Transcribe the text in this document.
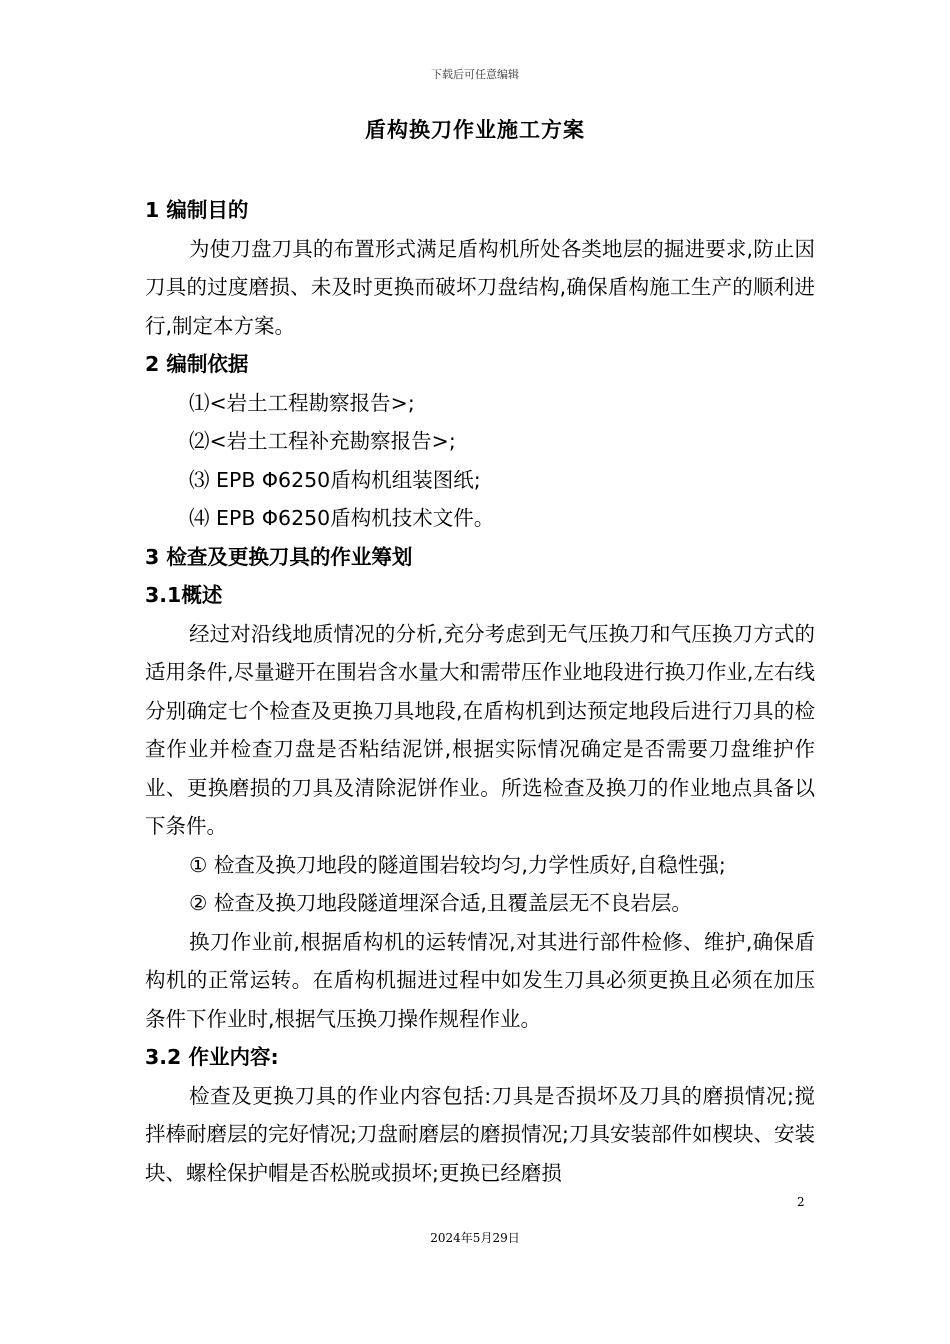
下载后可任意编辑
盾构换刀作业施工方案

1 编制目的

为使刀盘刀具的布置形式满足盾构机所处各类地层的掘进要求,防止因刀具的过度磨损、未及时更换而破坏刀盘结构,确保盾构施工生产的顺利进行,制定本方案。

2 编制依据

⑴<岩土工程勘察报告>;

⑵<岩土工程补充勘察报告>;

⑶ EPB Φ6250盾构机组装图纸;

⑷ EPB Φ6250盾构机技术文件。

3 检查及更换刀具的作业筹划

3.1概述

经过对沿线地质情况的分析,充分考虑到无气压换刀和气压换刀方式的适用条件,尽量避开在围岩含水量大和需带压作业地段进行换刀作业,左右线分别确定七个检查及更换刀具地段,在盾构机到达预定地段后进行刀具的检查作业并检查刀盘是否粘结泥饼,根据实际情况确定是否需要刀盘维护作业、更换磨损的刀具及清除泥饼作业。所选检查及换刀的作业地点具备以下条件。

① 检查及换刀地段的隧道围岩较均匀,力学性质好,自稳性强;

② 检查及换刀地段隧道埋深合适,且覆盖层无不良岩层。

换刀作业前,根据盾构机的运转情况,对其进行部件检修、维护,确保盾构机的正常运转。在盾构机掘进过程中如发生刀具必须更换且必须在加压条件下作业时,根据气压换刀操作规程作业。

3.2 作业内容:

检查及更换刀具的作业内容包括:刀具是否损坏及刀具的磨损情况;搅拌棒耐磨层的完好情况;刀盘耐磨层的磨损情况;刀具安装部件如楔块、安装块、螺栓保护帽是否松脱或损坏;更换已经磨损

2
2024年5月29日
